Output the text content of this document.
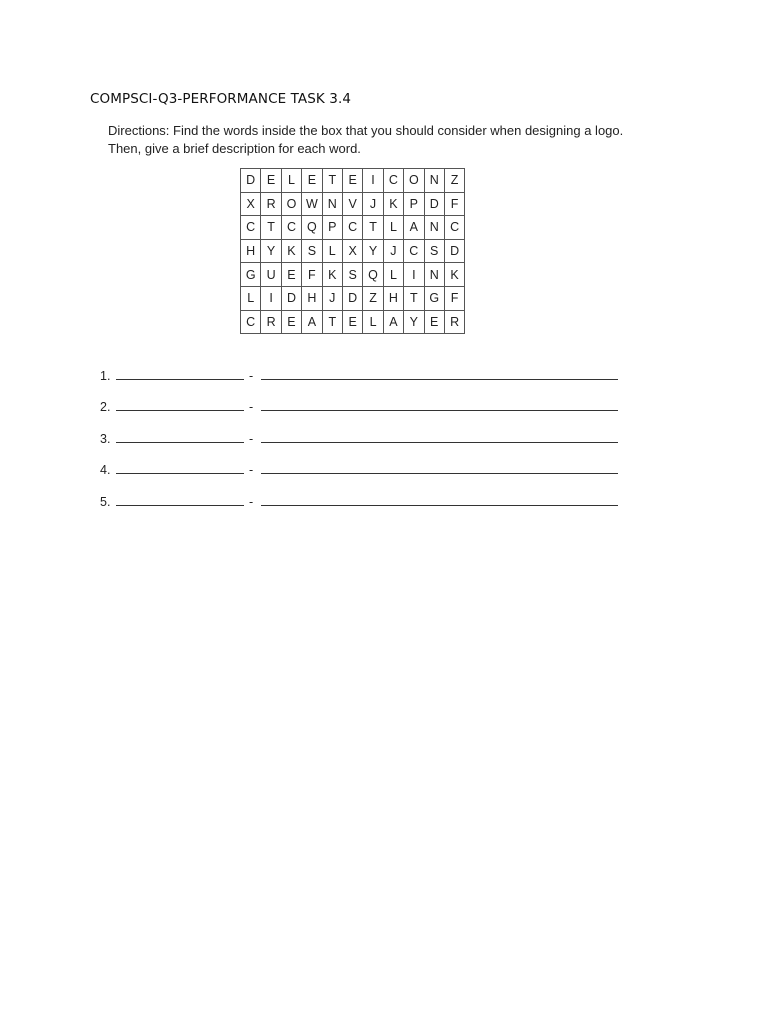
COMPSCI-Q3-PERFORMANCE TASK 3.4
Directions: Find the words inside the box that you should consider when designing a logo.
Then, give a brief description for each word.
D	E	L	E	T	E	I	C	O	N	Z
X	R	O	W	N	V	J	K	P	D	F
C	T	C	Q	P	C	T	L	A	N	C
H	Y	K	S	L	X	Y	J	C	S	D
G	U	E	F	K	S	Q	L	I	N	K
L	I	D	H	J	D	Z	H	T	G	F
C	R	E	A	T	E	L	A	Y	E	R
1.	-
2.	-
3.	-
4.	-
5.	-
